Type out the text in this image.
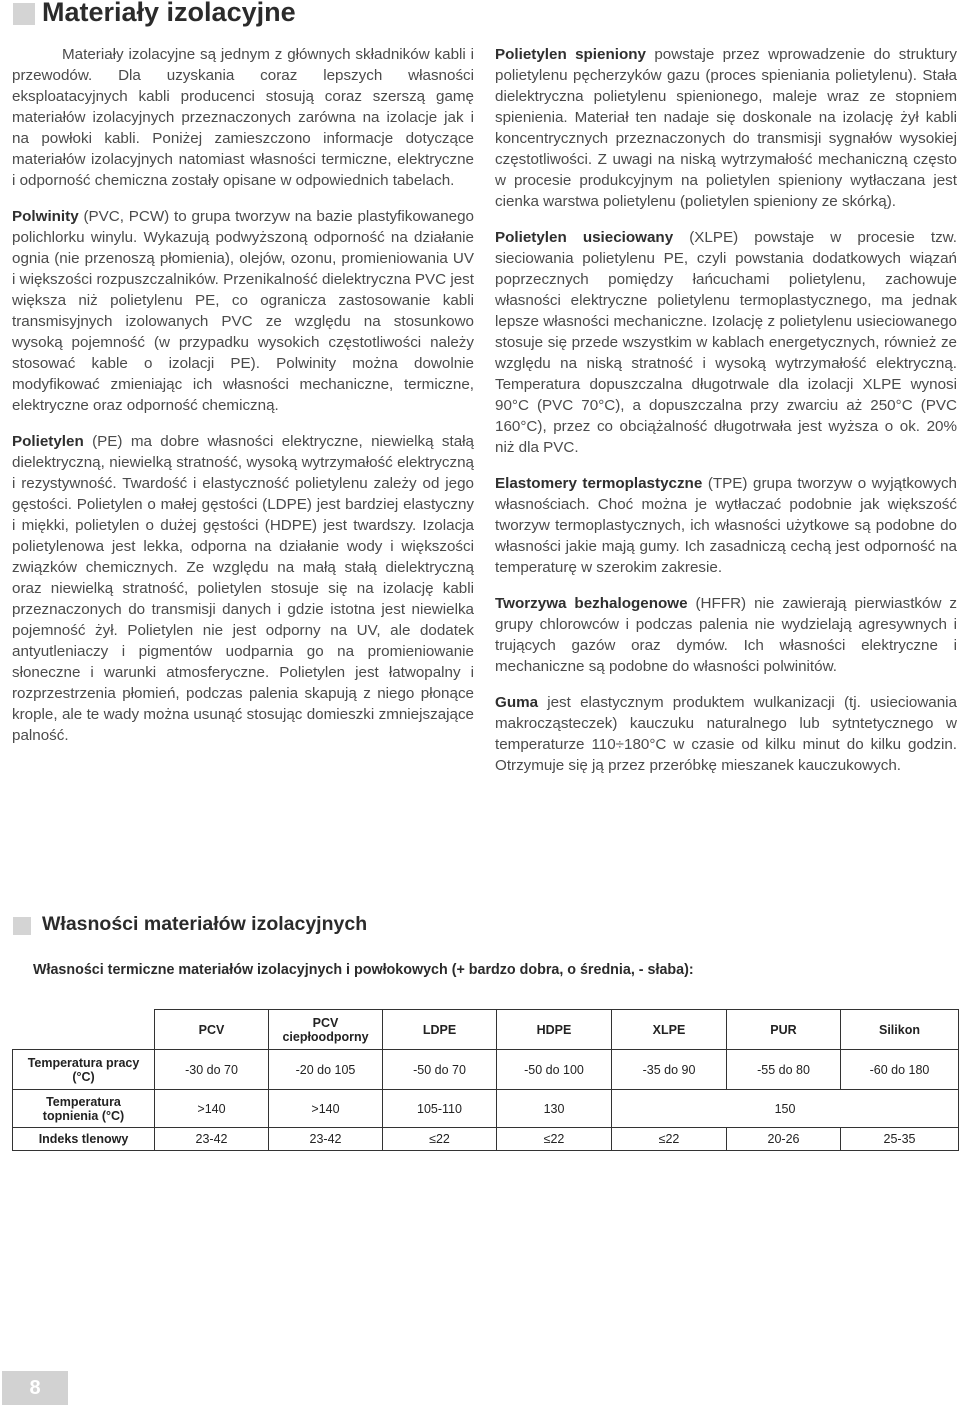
Materiały izolacyjne

Materiały izolacyjne są jednym z głównych składników kabli i przewodów. Dla uzyskania coraz lepszych własności eksploatacyjnych kabli producenci stosują coraz szerszą gamę materiałów izolacyjnych przeznaczonych zarówna na izolacje jak i na powłoki kabli. Poniżej zamieszczono informacje dotyczące materiałów izolacyjnych natomiast własności termiczne, elektryczne i odporność chemiczna zostały opisane w odpowiednich tabelach.

Polwinity (PVC, PCW) to grupa tworzyw na bazie plastyfikowanego polichlorku winylu. Wykazują podwyższoną odporność na działanie ognia (nie przenoszą płomienia), olejów, ozonu, promieniowania UV i większości rozpuszczalników. Przenikalność dielektryczna PVC jest większa niż polietylenu PE, co ogranicza zastosowanie kabli transmisyjnych izolowanych PVC ze względu na stosunkowo wysoką pojemność (w przypadku wysokich częstotliwości należy stosować kable o izolacji PE). Polwinity można dowolnie modyfikować zmieniając ich własności mechaniczne, termiczne, elektryczne oraz odporność chemiczną.

Polietylen (PE) ma dobre własności elektryczne, niewielką stałą dielektryczną, niewielką stratność, wysoką wytrzymałość elektryczną i rezystywność. Twardość i elastyczność polietylenu zależy od jego gęstości. Polietylen o małej gęstości (LDPE) jest bardziej elastyczny i miękki, polietylen o dużej gęstości (HDPE) jest twardszy. Izolacja polietylenowa jest lekka, odporna na działanie wody i większości związków chemicznych. Ze względu na małą stałą dielektryczną oraz niewielką stratność, polietylen stosuje się na izolację kabli przeznaczonych do transmisji danych i gdzie istotna jest niewielka pojemność żył. Polietylen nie jest odporny na UV, ale dodatek antyutleniaczy i pigmentów uodparnia go na promieniowanie słoneczne i warunki atmosferyczne. Polietylen jest łatwopalny i rozprzestrzenia płomień, podczas palenia skapują z niego płonące krople, ale te wady można usunąć stosując domieszki zmniejszające palność.

Polietylen spieniony powstaje przez wprowadzenie do struktury polietylenu pęcherzyków gazu (proces spieniania polietylenu). Stała dielektryczna polietylenu spienionego, maleje wraz ze stopniem spienienia. Materiał ten nadaje się doskonale na izolację żył kabli koncentrycznych przeznaczonych do transmisji sygnałów wysokiej częstotliwości. Z uwagi na niską wytrzymałość mechaniczną często w procesie produkcyjnym na polietylen spieniony wytłaczana jest cienka warstwa polietylenu (polietylen spieniony ze skórką).

Polietylen usieciowany (XLPE) powstaje w procesie tzw. sieciowania polietylenu PE, czyli powstania dodatkowych wiązań poprzecznych pomiędzy łańcuchami polietylenu, zachowuje własności elektryczne polietylenu termoplastycznego, ma jednak lepsze własności mechaniczne. Izolację z polietylenu usieciowanego stosuje się przede wszystkim w kablach energetycznych, również ze względu na niską stratność i wysoką wytrzymałość elektryczną. Temperatura dopuszczalna długotrwale dla izolacji XLPE wynosi 90°C (PVC 70°C), a dopuszczalna przy zwarciu aż 250°C (PVC 160°C), przez co obciążalność długotrwała jest wyższa o ok. 20% niż dla PVC.

Elastomery termoplastyczne (TPE) grupa tworzyw o wyjątkowych własnościach. Choć można je wytłaczać podobnie jak większość tworzyw termoplastycznych, ich własności użytkowe są podobne do własności jakie mają gumy. Ich zasadniczą cechą jest odporność na temperaturę w szerokim zakresie.

Tworzywa bezhalogenowe (HFFR) nie zawierają pierwiastków z grupy chlorowców i podczas palenia nie wydzielają agresywnych i trujących gazów oraz dymów. Ich własności elektryczne i mechaniczne są podobne do własności polwinitów.

Guma jest elastycznym produktem wulkanizacji (tj. usieciowania makrocząsteczek) kauczuku naturalnego lub sytntetycznego w temperaturze 110÷180°C w czasie od kilku minut do kilku godzin. Otrzymuje się ją przez przeróbkę mieszanek kauczukowych.

Własności materiałów izolacyjnych

Własności termiczne materiałów izolacyjnych i powłokowych (+ bardzo dobra, o średnia, - słaba):

	PCV	PCV ciepłoodporny	LDPE	HDPE	XLPE	PUR	Silikon
Temperatura pracy (°C)	-30 do 70	-20 do 105	-50 do 70	-50 do 100	-35 do 90	-55 do 80	-60 do 180
Temperatura topnienia (°C)	>140	>140	105-110	130	150		
Indeks tlenowy	23-42	23-42	≤22	≤22	≤22	20-26	25-35
8
